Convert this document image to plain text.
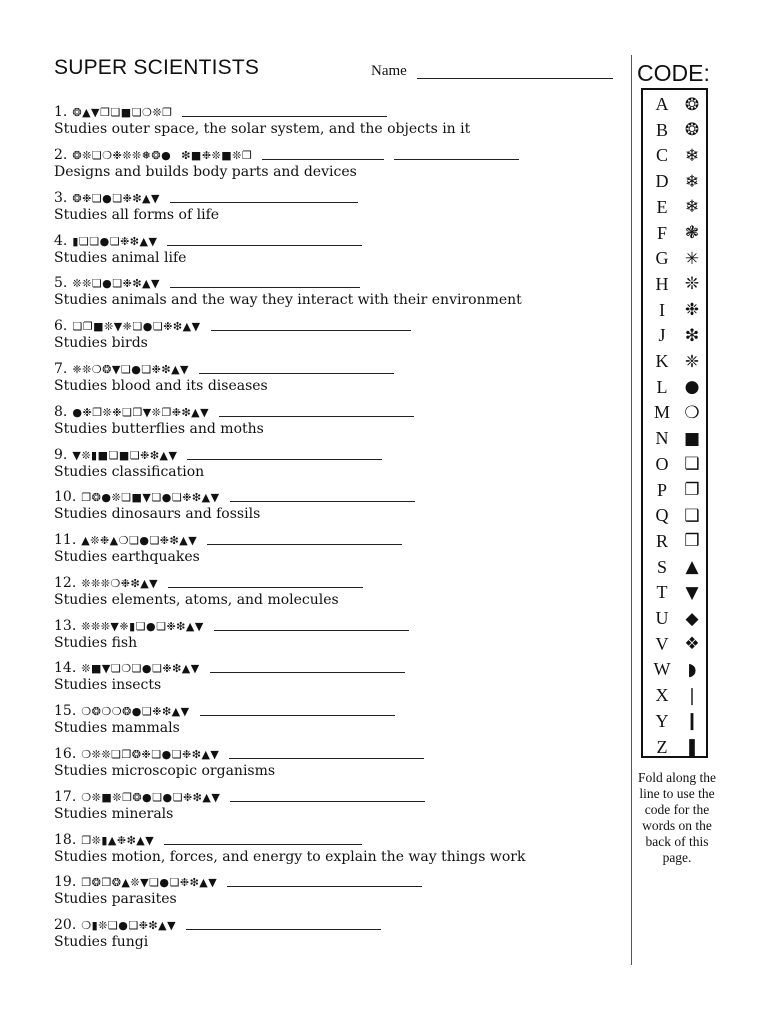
SUPER SCIENTISTS	Name
1. ❂▲▼❒❏■❏❍❊❐
Studies outer space, the solar system, and the objects in it
2. ❂❊❏❍❉❊❊❅❂● ❇■❉❊■❊❐
Designs and builds body parts and devices
3. ❂❉❏●❏❉❇▲▼
Studies all forms of life
4. ▮❏❏●❏❉❇▲▼
Studies animal life
5. ❊❊❏●❏❉❇▲▼
Studies animals and the way they interact with their environment
6. ❏❐■❊▼❈❏●❏❉❇▲▼
Studies birds
7. ❈❊❍❂▼❏●❏❉❇▲▼
Studies blood and its diseases
8. ●❉❐❊❉❏❐▼❊❐❉❇▲▼
Studies butterflies and moths
9. ▼❊▮■❏■❏❉❇▲▼
Studies classification
10. ❐❂●❊❏■▼❏●❏❉❇▲▼
Studies dinosaurs and fossils
11. ▲❊❉▲❍❏●❏❉❇▲▼
Studies earthquakes
12. ❊❊❊❍❉❇▲▼
Studies elements, atoms, and molecules
13. ❊❊❊▼❈▮❏●❏❉❇▲▼
Studies fish
14. ❊■▼❏❍❏●❏❉❇▲▼
Studies insects
15. ❍❂❍❍❂●❏❉❇▲▼
Studies mammals
16. ❍❊❊❏❐❂❉❏●❏❉❇▲▼
Studies microscopic organisms
17. ❍❊■❊❐❂●❏●❏❉❇▲▼
Studies minerals
18. ❐❊▮▲❉❇▲▼
Studies motion, forces, and energy to explain the way things work
19. ❐❂❐❂▲❊▼❏●❏❉❇▲▼
Studies parasites
20. ❍▮❊❏●❏❉❇▲▼
Studies fungi
CODE:
A ❂
B ❂
C ❄
D ❄
E	❄
F	❃
G ✳
H ❊
I	❉
J	❇
K ❈
L	●
M ❍
N ■
O ❏
P	❐
Q ❑
R ❒
S	▲
T	▼
U ◆
V ❖
W	◗
X ❘
Y ❙
Z	❚
Fold along the line to use the code for the words on the back of this page.
